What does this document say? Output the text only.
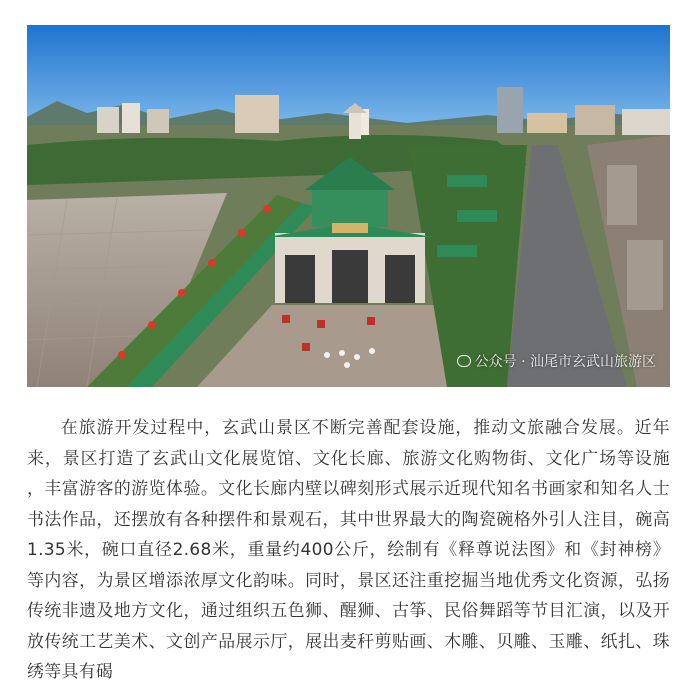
公众号 · 汕尾市玄武山旅游区

在旅游开发过程中，玄武山景区不断完善配套设施，推动文旅融合发展。近年来，景区打造了玄武山文化展览馆、文化长廊、旅游文化购物街、文化广场等设施 ，丰富游客的游览体验。文化长廊内壁以碑刻形式展示近现代知名书画家和知名人士书法作品，还摆放有各种摆件和景观石，其中世界最大的陶瓷碗格外引人注目，碗高1.35米，碗口直径2.68米，重量约400公斤，绘制有《释尊说法图》和《封神榜》等内容，为景区增添浓厚文化韵味。同时，景区还注重挖掘当地优秀文化资源，弘扬传统非遗及地方文化，通过组织五色狮、醒狮、古筝、民俗舞蹈等节目汇演，以及开放传统工艺美术、文创产品展示厅，展出麦秆剪贴画、木雕、贝雕、玉雕、纸扎、珠绣等具有碣
